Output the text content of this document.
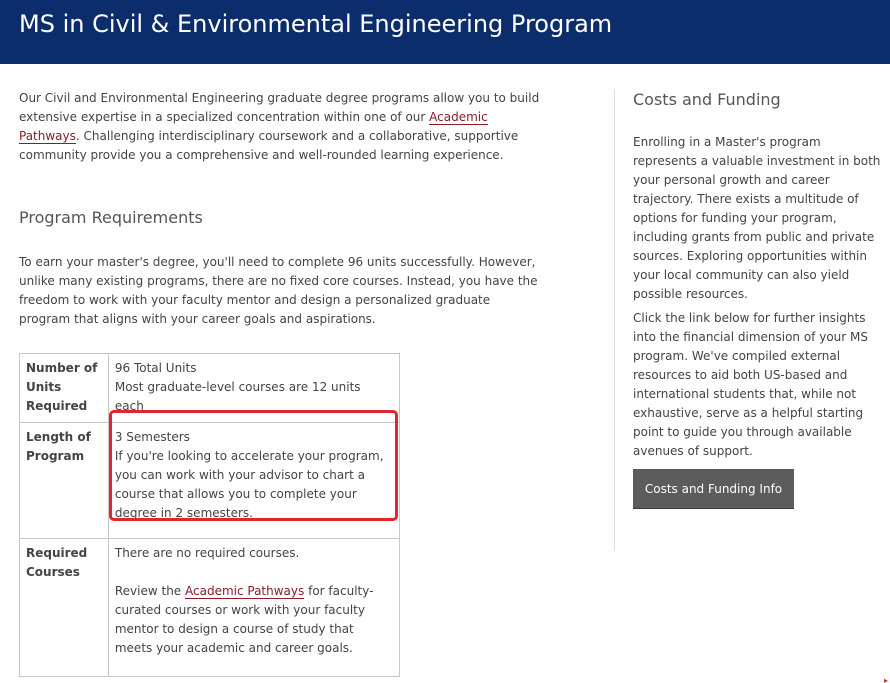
MS in Civil & Environmental Engineering Program

Our Civil and Environmental Engineering graduate degree programs allow you to build extensive expertise in a specialized concentration within one of our Academic Pathways. Challenging interdisciplinary coursework and a collaborative, supportive community provide you a comprehensive and well-rounded learning experience.

Program Requirements

To earn your master's degree, you'll need to complete 96 units successfully. However, unlike many existing programs, there are no fixed core courses. Instead, you have the freedom to work with your faculty mentor and design a personalized graduate program that aligns with your career goals and aspirations.

Number of Units Required	96 Total Units
Most graduate-level courses are 12 units each

Length of Program	3 Semesters
If you're looking to accelerate your program, you can work with your advisor to chart a course that allows you to complete your degree in 2 semesters.

Required Courses	There are no required courses.
Review the Academic Pathways for faculty-curated courses or work with your faculty mentor to design a course of study that meets your academic and career goals.
Costs and Funding

Enrolling in a Master's program represents a valuable investment in both your personal growth and career trajectory. There exists a multitude of options for funding your program, including grants from public and private sources. Exploring opportunities within your local community can also yield possible resources.

Click the link below for further insights into the financial dimension of your MS program. We've compiled external resources to aid both US-based and international students that, while not exhaustive, serve as a helpful starting point to guide you through available avenues of support.

Costs and Funding Info
▸
